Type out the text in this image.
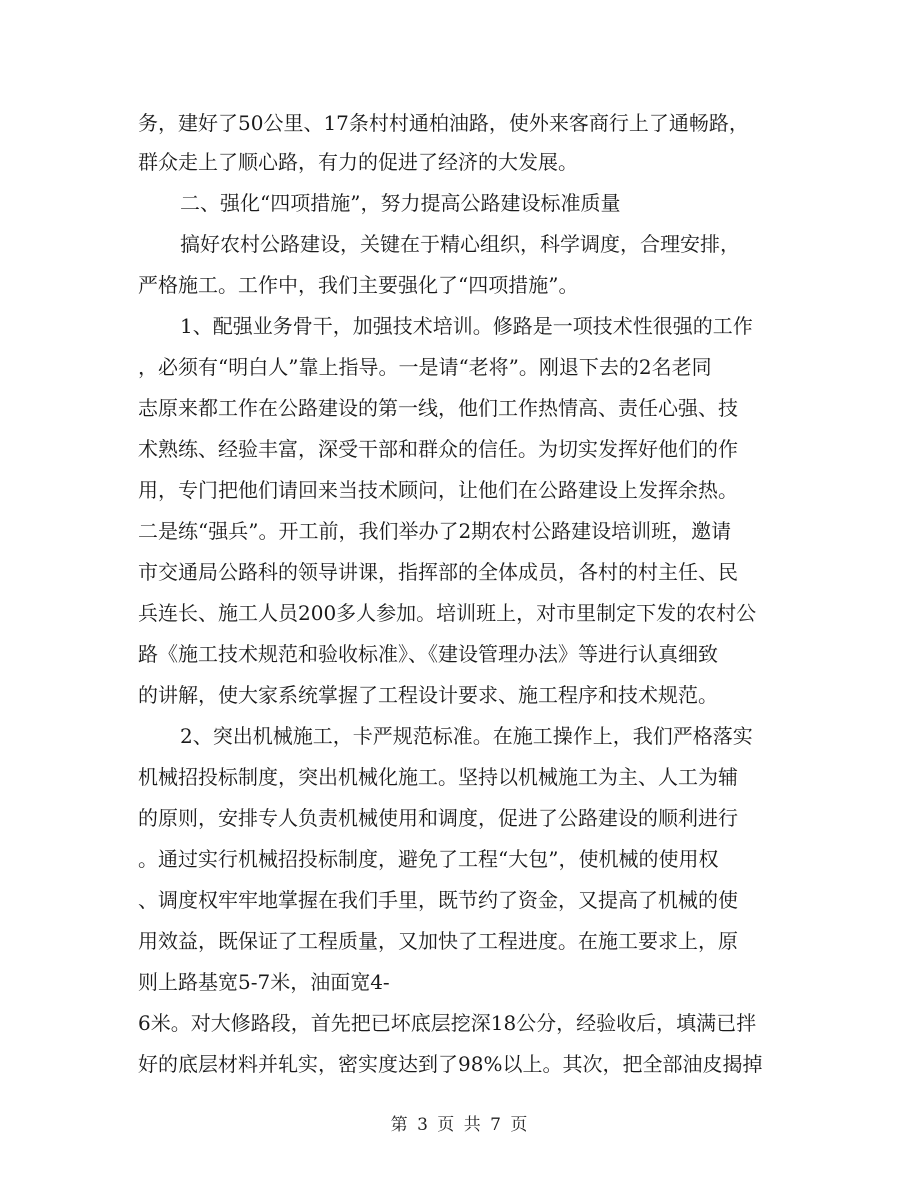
务，建好了50公里、17条村村通柏油路，使外来客商行上了通畅路，
群众走上了顺心路，有力的促进了经济的大发展。
二、强化“四项措施”，努力提高公路建设标准质量
搞好农村公路建设，关键在于精心组织，科学调度，合理安排，
严格施工。工作中，我们主要强化了“四项措施”。
1、配强业务骨干，加强技术培训。修路是一项技术性很强的工作
，必须有“明白人”靠上指导。一是请“老将”。刚退下去的2名老同
志原来都工作在公路建设的第一线，他们工作热情高、责任心强、技
术熟练、经验丰富，深受干部和群众的信任。为切实发挥好他们的作
用，专门把他们请回来当技术顾问，让他们在公路建设上发挥余热。
二是练“强兵”。开工前，我们举办了2期农村公路建设培训班，邀请
市交通局公路科的领导讲课，指挥部的全体成员，各村的村主任、民
兵连长、施工人员200多人参加。培训班上，对市里制定下发的农村公
路《施工技术规范和验收标准》、《建设管理办法》等进行认真细致
的讲解，使大家系统掌握了工程设计要求、施工程序和技术规范。
2、突出机械施工，卡严规范标准。在施工操作上，我们严格落实
机械招投标制度，突出机械化施工。坚持以机械施工为主、人工为辅
的原则，安排专人负责机械使用和调度，促进了公路建设的顺利进行
。通过实行机械招投标制度，避免了工程“大包”，使机械的使用权
、调度权牢牢地掌握在我们手里，既节约了资金，又提高了机械的使
用效益，既保证了工程质量，又加快了工程进度。在施工要求上，原
则上路基宽5-7米，油面宽4-
6米。对大修路段，首先把已坏底层挖深18公分，经验收后，填满已拌
好的底层材料并轧实，密实度达到了98%以上。其次，把全部油皮揭掉
第 3 页 共 7 页
